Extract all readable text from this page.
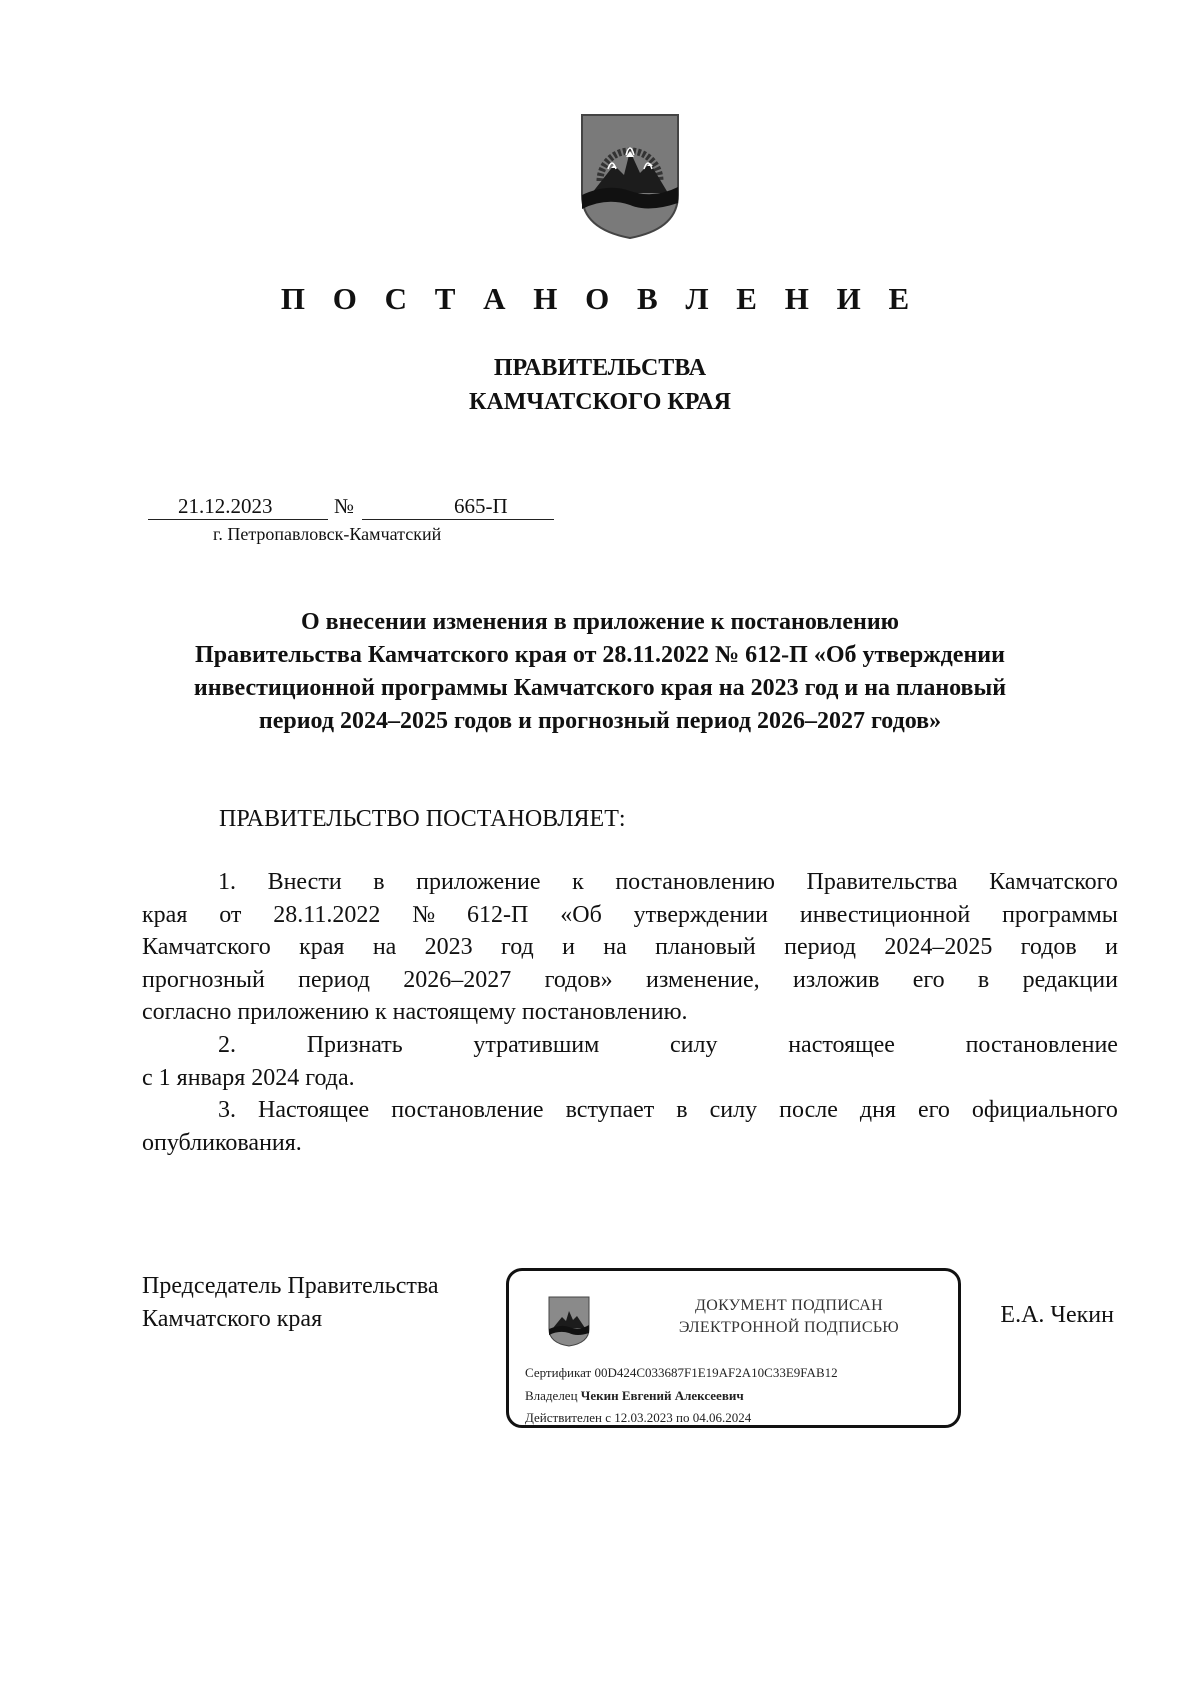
П О С Т А Н О В Л Е Н И Е
ПРАВИТЕЛЬСТВА
КАМЧАТСКОГО КРАЯ
21.12.2023	№	665-П
г. Петропавловск-Камчатский
О внесении изменения в приложение к постановлению
Правительства Камчатского края от 28.11.2022 № 612-П «Об утверждении
инвестиционной программы Камчатского края на 2023 год и на плановый
период 2024–2025 годов и прогнозный период 2026–2027 годов»
ПРАВИТЕЛЬСТВО ПОСТАНОВЛЯЕТ:
1. Внести в приложение к постановлению Правительства Камчатского
края от 28.11.2022 № 612-П «Об утверждении инвестиционной программы
Камчатского края на 2023 год и на плановый период 2024–2025 годов и
прогнозный период 2026–2027 годов» изменение, изложив его в редакции
согласно приложению к настоящему постановлению.
2.	Признать	утратившим	силу	настоящее	постановление
с 1 января 2024 года.
3. Настоящее постановление вступает в силу после дня его официального
опубликования.
Председатель Правительства
Камчатского края
ДОКУМЕНТ ПОДПИСАН
ЭЛЕКТРОННОЙ ПОДПИСЬЮ
Сертификат 00D424C033687F1E19AF2A10C33E9FAB12
Владелец Чекин Евгений Алексеевич
Действителен с 12.03.2023 по 04.06.2024
Е.А. Чекин
